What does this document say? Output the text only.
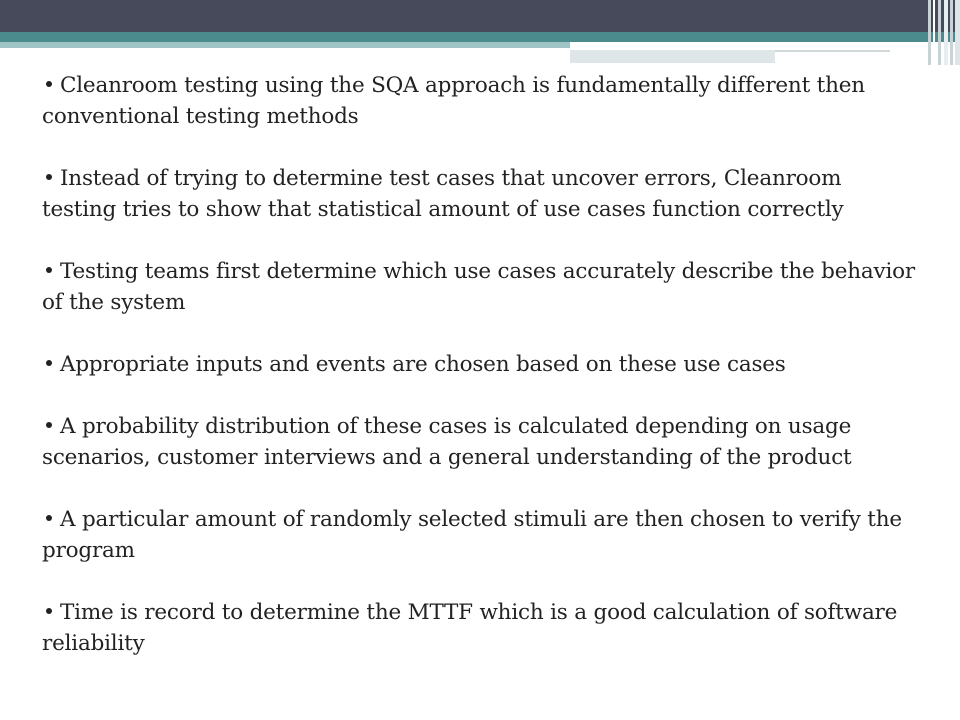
Cleanroom testing using the SQA approach is fundamentally different then conventional testing methods
Instead of trying to determine test cases that uncover errors, Cleanroom testing tries to show that statistical amount of use cases function correctly
Testing teams first determine which use cases accurately describe the behavior of the system
Appropriate inputs and events are chosen based on these use cases
A probability distribution of these cases is calculated depending on usage scenarios, customer interviews and a general understanding of the product
A particular amount of randomly selected stimuli are then chosen to verify the program
Time is record to determine the MTTF which is a good calculation of software reliability
